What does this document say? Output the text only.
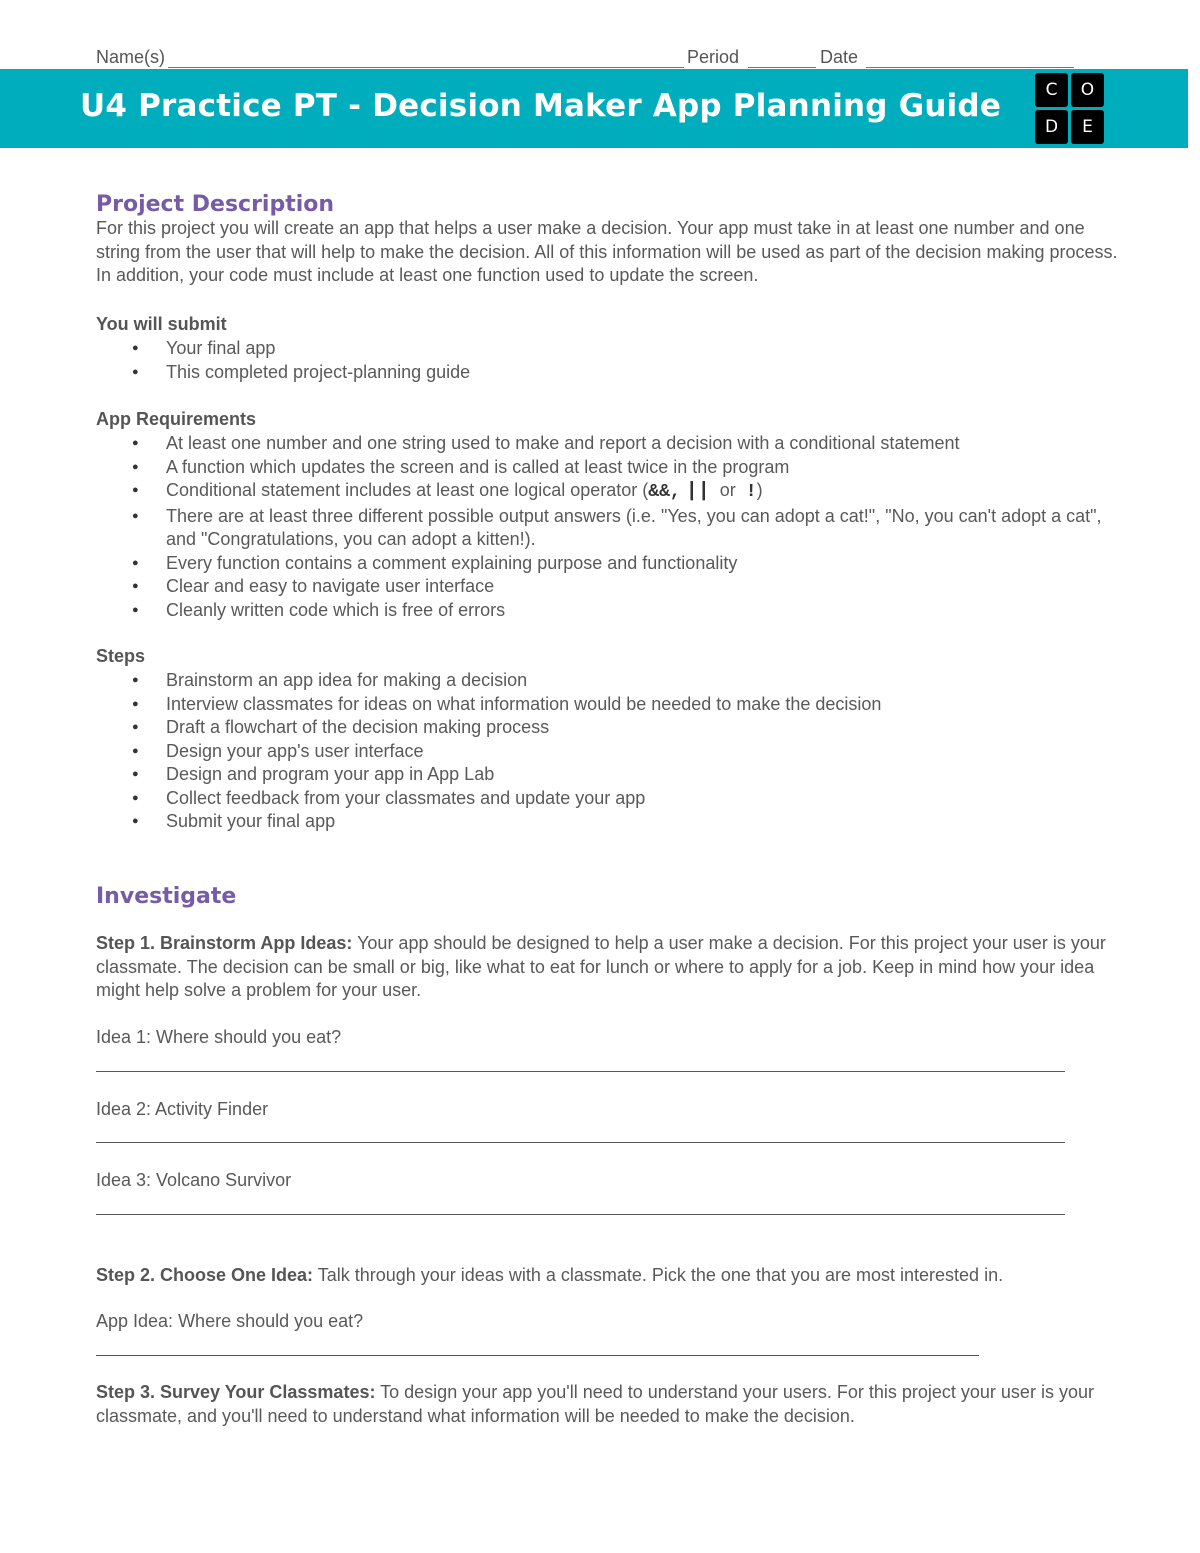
Name(s)	Period	Date
U4 Practice PT - Decision Maker App Planning Guide	C	O
D	E
Project Description
For this project you will create an app that helps a user make a decision. Your app must take in at least one number and one string from the user that will help to make the decision. All of this information will be used as part of the decision making process. In addition, your code must include at least one function used to update the screen.
You will submit
● Your final app
● This completed project-planning guide
App Requirements
● At least one number and one string used to make and report a decision with a conditional statement
● A function which updates the screen and is called at least twice in the program
● Conditional statement includes at least one logical operator (&&, || or !)
● There are at least three different possible output answers (i.e. "Yes, you can adopt a cat!", "No, you can't adopt a cat", and "Congratulations, you can adopt a kitten!).
● Every function contains a comment explaining purpose and functionality
● Clear and easy to navigate user interface
● Cleanly written code which is free of errors
Steps
● Brainstorm an app idea for making a decision
● Interview classmates for ideas on what information would be needed to make the decision
● Draft a flowchart of the decision making process
● Design your app's user interface
● Design and program your app in App Lab
● Collect feedback from your classmates and update your app
● Submit your final app
Investigate
Step 1. Brainstorm App Ideas: Your app should be designed to help a user make a decision. For this project your user is your classmate. The decision can be small or big, like what to eat for lunch or where to apply for a job. Keep in mind how your idea might help solve a problem for your user.
Idea 1: Where should you eat?
Idea 2: Activity Finder
Idea 3: Volcano Survivor
Step 2. Choose One Idea: Talk through your ideas with a classmate. Pick the one that you are most interested in.
App Idea: Where should you eat?
Step 3. Survey Your Classmates: To design your app you'll need to understand your users. For this project your user is your classmate, and you'll need to understand what information will be needed to make the decision.
